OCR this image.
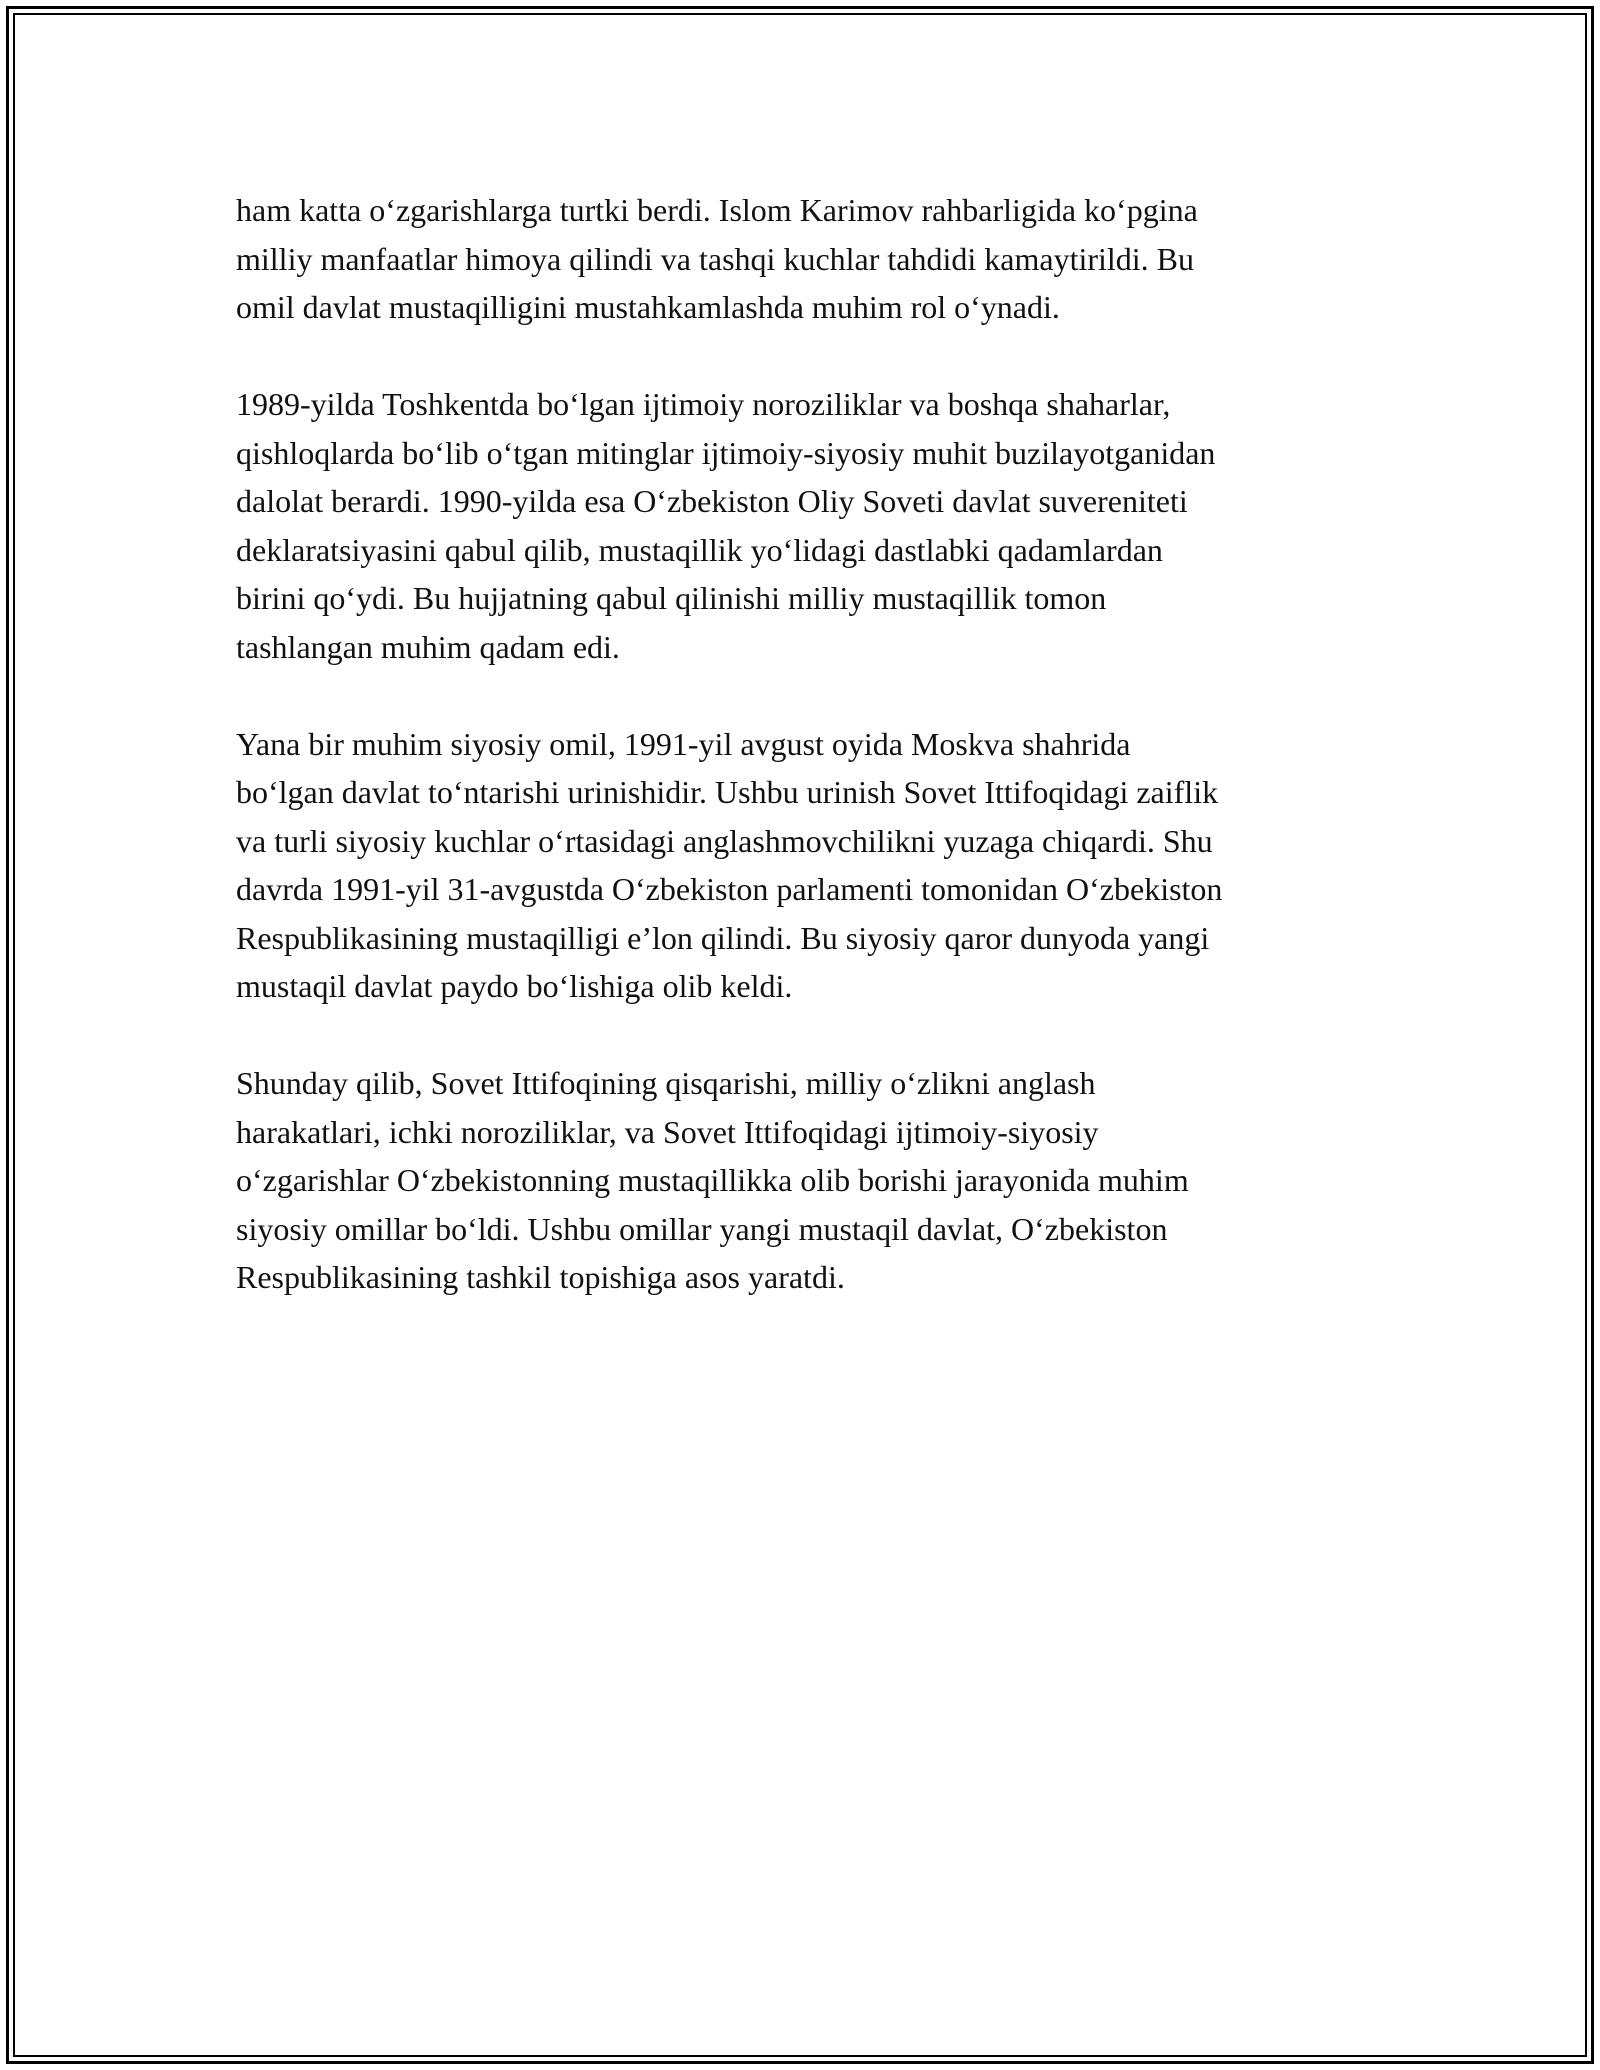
ham katta o‘zgarishlarga turtki berdi. Islom Karimov rahbarligida ko‘pgina
milliy manfaatlar himoya qilindi va tashqi kuchlar tahdidi kamaytirildi. Bu
omil davlat mustaqilligini mustahkamlashda muhim rol o‘ynadi.

1989-yilda Toshkentda bo‘lgan ijtimoiy noroziliklar va boshqa shaharlar,
qishloqlarda bo‘lib o‘tgan mitinglar ijtimoiy-siyosiy muhit buzilayotganidan
dalolat berardi. 1990-yilda esa O‘zbekiston Oliy Soveti davlat suvereniteti
deklaratsiyasini qabul qilib, mustaqillik yo‘lidagi dastlabki qadamlardan
birini qo‘ydi. Bu hujjatning qabul qilinishi milliy mustaqillik tomon
tashlangan muhim qadam edi.

Yana bir muhim siyosiy omil, 1991-yil avgust oyida Moskva shahrida
bo‘lgan davlat to‘ntarishi urinishidir. Ushbu urinish Sovet Ittifoqidagi zaiflik
va turli siyosiy kuchlar o‘rtasidagi anglashmovchilikni yuzaga chiqardi. Shu
davrda 1991-yil 31-avgustda O‘zbekiston parlamenti tomonidan O‘zbekiston
Respublikasining mustaqilligi e’lon qilindi. Bu siyosiy qaror dunyoda yangi
mustaqil davlat paydo bo‘lishiga olib keldi.

Shunday qilib, Sovet Ittifoqining qisqarishi, milliy o‘zlikni anglash
harakatlari, ichki noroziliklar, va Sovet Ittifoqidagi ijtimoiy-siyosiy
o‘zgarishlar O‘zbekistonning mustaqillikka olib borishi jarayonida muhim
siyosiy omillar bo‘ldi. Ushbu omillar yangi mustaqil davlat, O‘zbekiston
Respublikasining tashkil topishiga asos yaratdi.
